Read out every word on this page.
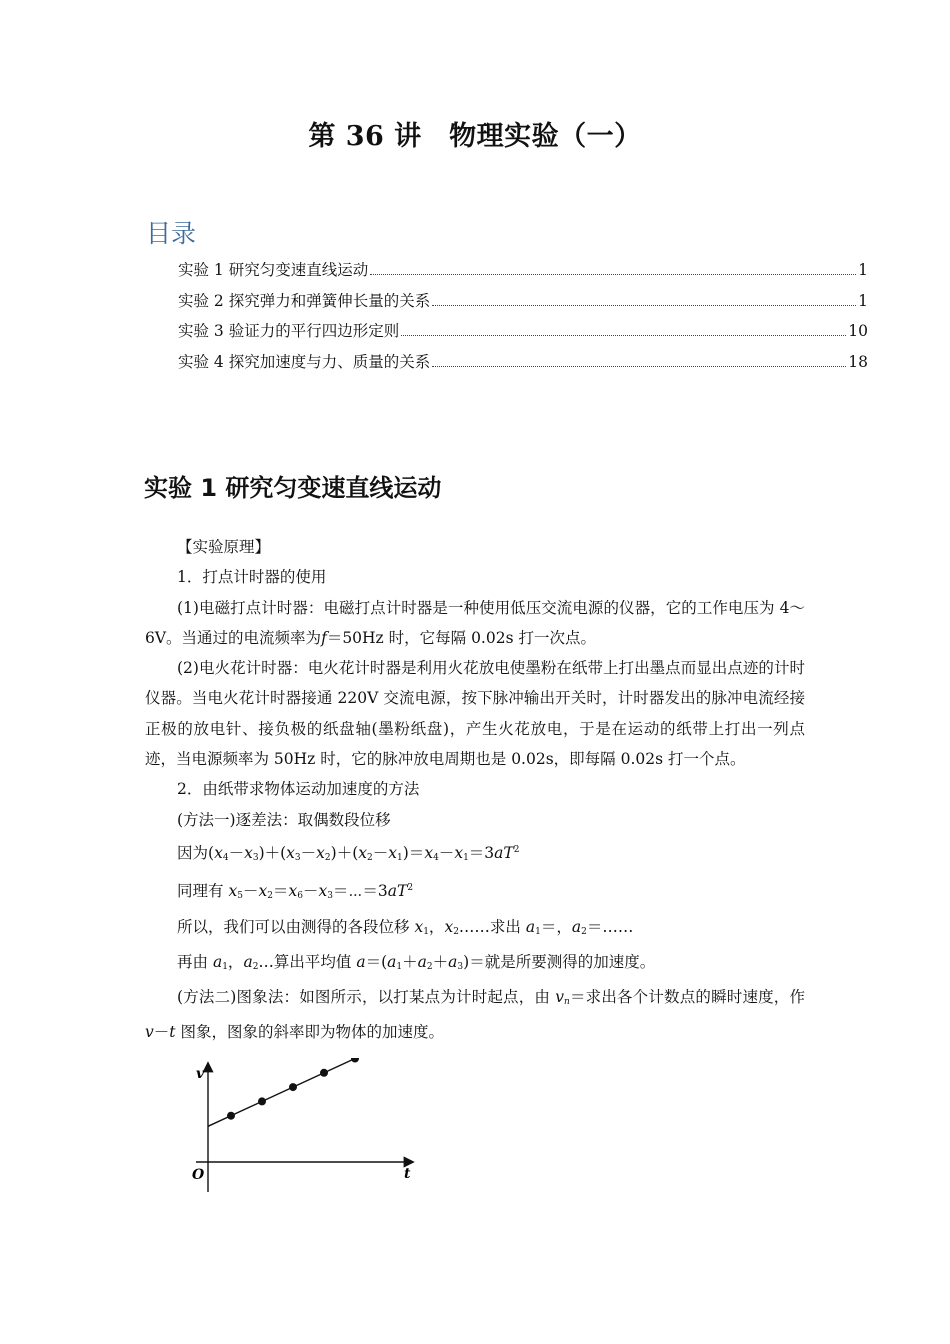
第 36 讲　物理实验（一）
目录
实验 1 研究匀变速直线运动	1
实验 2 探究弹力和弹簧伸长量的关系	1
实验 3 验证力的平行四边形定则	10
实验 4 探究加速度与力、质量的关系	18
实验 1 研究匀变速直线运动

【实验原理】

1．打点计时器的使用

(1)电磁打点计时器：电磁打点计时器是一种使用低压交流电源的仪器，它的工作电压为 4～6V。当通过的电流频率为f＝50Hz 时，它每隔 0.02s 打一次点。

(2)电火花计时器：电火花计时器是利用火花放电使墨粉在纸带上打出墨点而显出点迹的计时仪器。当电火花计时器接通 220V 交流电源，按下脉冲输出开关时，计时器发出的脉冲电流经接正极的放电针、接负极的纸盘轴(墨粉纸盘)，产生火花放电，于是在运动的纸带上打出一列点迹，当电源频率为 50Hz 时，它的脉冲放电周期也是 0.02s，即每隔 0.02s 打一个点。

2．由纸带求物体运动加速度的方法

(方法一)逐差法：取偶数段位移

因为$(x_4-x_3)+(x_3-x_2)+(x_2-x_1)=x_4-x_1=3aT^2$

同理有 $x_5-x_2=x_6-x_3=\cdots=3aT^2$

所以，我们可以由测得的各段位移 $x_1$，$x_2\dots\dots$求出 $a_1=$，$a_2=\dots\dots$

再由 $a_1$，$a_2\dots$算出平均值 $a=(a_1+a_2+a_3)=$就是所要测得的加速度。

(方法二)图象法：如图所示，以打某点为计时起点，由 $v_n=$求出各个计数点的瞬时速度，作 v－t 图象，图象的斜率即为物体的加速度。

v
t
O
